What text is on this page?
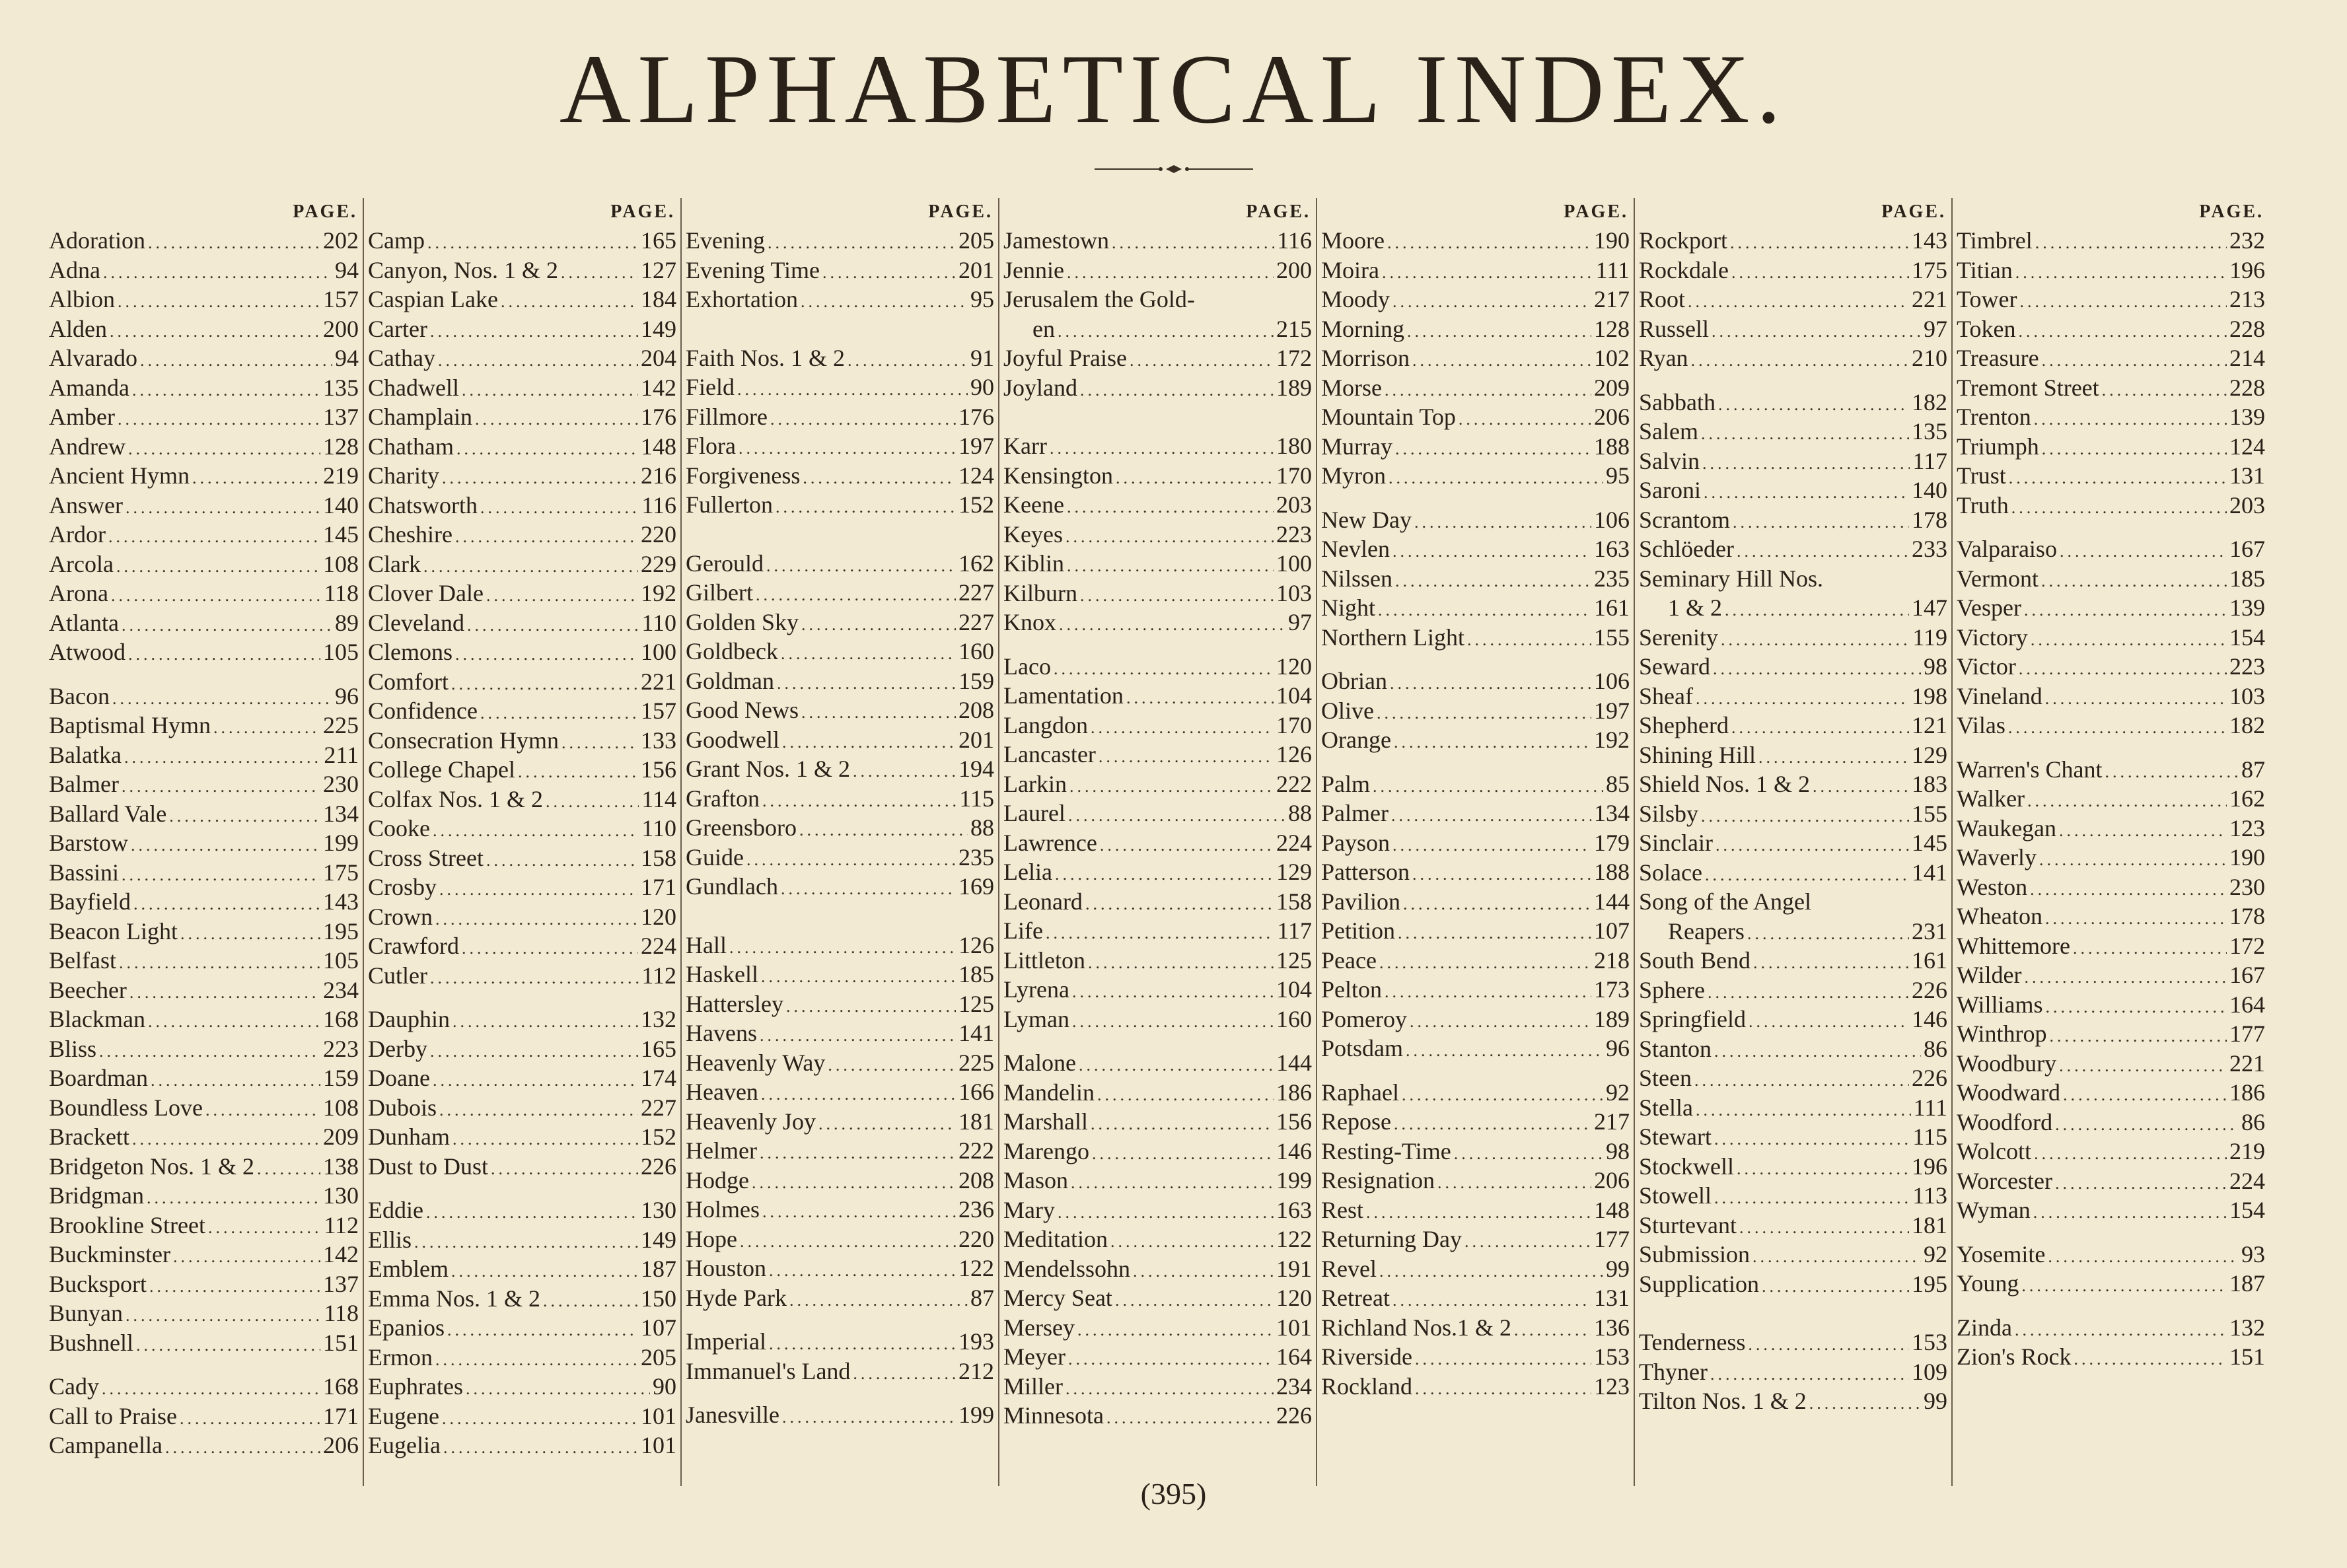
ALPHABETICAL INDEX.
PAGE.
Adoration .....	202
Adna .....	94
Albion .....	157
Alden .....	200
Alvarado .....	94
Amanda .....	135
Amber .....	137
Andrew .....	128
Ancient Hymn .....	219
Answer .....	140
Ardor .....	145
Arcola .....	108
Arona .....	118
Atlanta .....	89
Atwood .....	105
Bacon .....	96
Baptismal Hymn .....	225
Balatka .....	211
Balmer .....	230
Ballard Vale .....	134
Barstow .....	199
Bassini .....	175
Bayfield .....	143
Beacon Light .....	195
Belfast .....	105
Beecher .....	234
Blackman .....	168
Bliss .....	223
Boardman .....	159
Boundless Love .....	108
Brackett .....	209
Bridgeton Nos. 1 & 2 .....	138
Bridgman .....	130
Brookline Street .....	112
Buckminster .....	142
Bucksport .....	137
Bunyan .....	118
Bushnell .....	151
Cady .....	168
Call to Praise .....	171
Campanella .....	206
PAGE.
Camp .....	165
Canyon, Nos. 1 & 2 .....	127
Caspian Lake .....	184
Carter .....	149
Cathay .....	204
Chadwell .....	142
Champlain .....	176
Chatham .....	148
Charity .....	216
Chatsworth .....	116
Cheshire .....	220
Clark .....	229
Clover Dale .....	192
Cleveland .....	110
Clemons .....	100
Comfort .....	221
Confidence .....	157
Consecration Hymn .....	133
College Chapel .....	156
Colfax Nos. 1 & 2 .....	114
Cooke .....	110
Cross Street .....	158
Crosby .....	171
Crown .....	120
Crawford .....	224
Cutler .....	112
Dauphin .....	132
Derby .....	165
Doane .....	174
Dubois .....	227
Dunham .....	152
Dust to Dust .....	226
Eddie .....	130
Ellis .....	149
Emblem .....	187
Emma Nos. 1 & 2 .....	150
Epanios .....	107
Ermon .....	205
Euphrates .....	90
Eugene .....	101
Eugelia .....	101
PAGE.
Evening .....	205
Evening Time .....	201
Exhortation .....	95
Faith Nos. 1 & 2 .....	91
Field .....	90
Fillmore .....	176
Flora .....	197
Forgiveness .....	124
Fullerton .....	152
Gerould .....	162
Gilbert .....	227
Golden Sky .....	227
Goldbeck .....	160
Goldman .....	159
Good News .....	208
Goodwell .....	201
Grant Nos. 1 & 2 .....	194
Grafton .....	115
Greensboro .....	88
Guide .....	235
Gundlach .....	169
Hall .....	126
Haskell .....	185
Hattersley .....	125
Havens .....	141
Heavenly Way .....	225
Heaven .....	166
Heavenly Joy .....	181
Helmer .....	222
Hodge .....	208
Holmes .....	236
Hope .....	220
Houston .....	122
Hyde Park .....	87
Imperial .....	193
Immanuel's Land .....	212
Janesville .....	199
PAGE.
Jamestown .....	116
Jennie .....	200
Jerusalem the Gold-
en .....	215
Joyful Praise .....	172
Joyland .....	189
Karr .....	180
Kensington .....	170
Keene .....	203
Keyes .....	223
Kiblin .....	100
Kilburn .....	103
Knox .....	97
Laco .....	120
Lamentation .....	104
Langdon .....	170
Lancaster .....	126
Larkin .....	222
Laurel .....	88
Lawrence .....	224
Lelia .....	129
Leonard .....	158
Life .....	117
Littleton .....	125
Lyrena .....	104
Lyman .....	160
Malone .....	144
Mandelin .....	186
Marshall .....	156
Marengo .....	146
Mason .....	199
Mary .....	163
Meditation .....	122
Mendelssohn .....	191
Mercy Seat .....	120
Mersey .....	101
Meyer .....	164
Miller .....	234
Minnesota .....	226
PAGE.
Moore .....	190
Moira .....	111
Moody .....	217
Morning .....	128
Morrison .....	102
Morse .....	209
Mountain Top .....	206
Murray .....	188
Myron .....	95
New Day .....	106
Nevlen .....	163
Nilssen .....	235
Night .....	161
Northern Light .....	155
Obrian .....	106
Olive .....	197
Orange .....	192
Palm .....	85
Palmer .....	134
Payson .....	179
Patterson .....	188
Pavilion .....	144
Petition .....	107
Peace .....	218
Pelton .....	173
Pomeroy .....	189
Potsdam .....	96
Raphael .....	92
Repose .....	217
Resting-Time .....	98
Resignation .....	206
Rest .....	148
Returning Day .....	177
Revel .....	99
Retreat .....	131
Richland Nos.1 & 2 .....	136
Riverside .....	153
Rockland .....	123
PAGE.
Rockport .....	143
Rockdale .....	175
Root .....	221
Russell .....	97
Ryan .....	210
Sabbath .....	182
Salem .....	135
Salvin .....	117
Saroni .....	140
Scrantom .....	178
Schlöeder .....	233
Seminary Hill Nos.
1 & 2 .....	147
Serenity .....	119
Seward .....	98
Sheaf .....	198
Shepherd .....	121
Shining Hill .....	129
Shield Nos. 1 & 2 .....	183
Silsby .....	155
Sinclair .....	145
Solace .....	141
Song of the Angel
Reapers .....	231
South Bend .....	161
Sphere .....	226
Springfield .....	146
Stanton .....	86
Steen .....	226
Stella .....	111
Stewart .....	115
Stockwell .....	196
Stowell .....	113
Sturtevant .....	181
Submission .....	92
Supplication .....	195
Tenderness .....	153
Thyner .....	109
Tilton Nos. 1 & 2 .....	99
PAGE.
Timbrel .....	232
Titian .....	196
Tower .....	213
Token .....	228
Treasure .....	214
Tremont Street .....	228
Trenton .....	139
Triumph .....	124
Trust .....	131
Truth .....	203
Valparaiso .....	167
Vermont .....	185
Vesper .....	139
Victory .....	154
Victor .....	223
Vineland .....	103
Vilas .....	182
Warren's Chant .....	87
Walker .....	162
Waukegan .....	123
Waverly .....	190
Weston .....	230
Wheaton .....	178
Whittemore .....	172
Wilder .....	167
Williams .....	164
Winthrop .....	177
Woodbury .....	221
Woodward .....	186
Woodford .....	86
Wolcott .....	219
Worcester .....	224
Wyman .....	154
Yosemite .....	93
Young .....	187
Zinda .....	132
Zion's Rock .....	151
(395)
